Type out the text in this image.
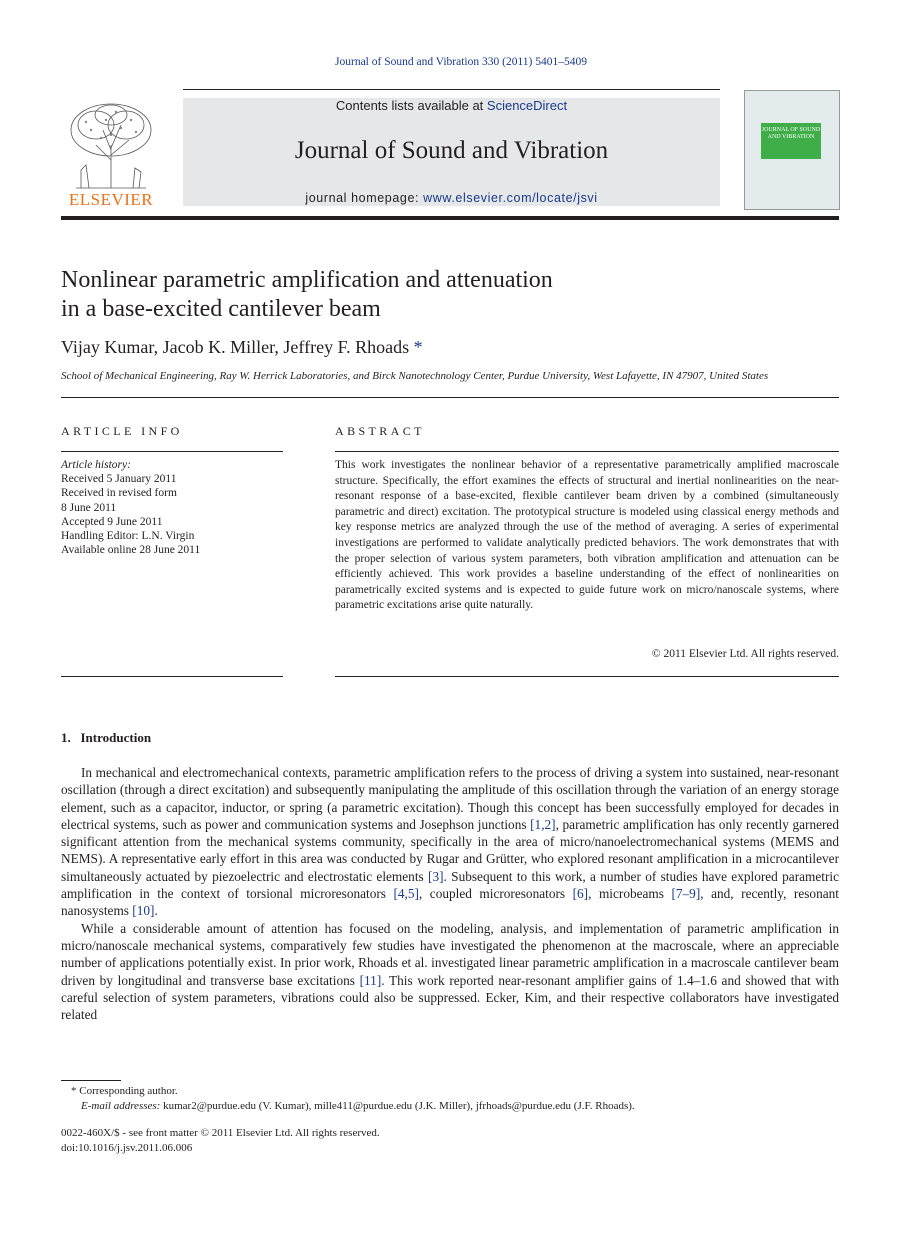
Journal of Sound and Vibration 330 (2011) 5401–5409
ELSEVIER
Contents lists available at ScienceDirect
Journal of Sound and Vibration
journal homepage: www.elsevier.com/locate/jsvi
JOURNAL OF SOUND AND VIBRATION
Nonlinear parametric amplification and attenuation
in a base-excited cantilever beam
Vijay Kumar, Jacob K. Miller, Jeffrey F. Rhoads *
School of Mechanical Engineering, Ray W. Herrick Laboratories, and Birck Nanotechnology Center, Purdue University, West Lafayette, IN 47907, United States
ARTICLE INFO
Article history:
Received 5 January 2011
Received in revised form
8 June 2011
Accepted 9 June 2011
Handling Editor: L.N. Virgin
Available online 28 June 2011
ABSTRACT
This work investigates the nonlinear behavior of a representative parametrically amplified macroscale structure. Specifically, the effort examines the effects of structural and inertial nonlinearities on the near-resonant response of a base-excited, flexible cantilever beam driven by a combined (simultaneously parametric and direct) excitation. The prototypical structure is modeled using classical energy methods and key response metrics are analyzed through the use of the method of averaging. A series of experimental investigations are performed to validate analytically predicted behaviors. The work demonstrates that with the proper selection of various system parameters, both vibration amplification and attenuation can be efficiently achieved. This work provides a baseline understanding of the effect of nonlinearities on parametrically excited systems and is expected to guide future work on micro/nanoscale systems, where parametric excitations arise quite naturally.
© 2011 Elsevier Ltd. All rights reserved.
1.   Introduction

In mechanical and electromechanical contexts, parametric amplification refers to the process of driving a system into sustained, near-resonant oscillation (through a direct excitation) and subsequently manipulating the amplitude of this oscillation through the variation of an energy storage element, such as a capacitor, inductor, or spring (a parametric excitation). Though this concept has been successfully employed for decades in electrical systems, such as power and communication systems and Josephson junctions [1,2], parametric amplification has only recently garnered significant attention from the mechanical systems community, specifically in the area of micro/nanoelectromechanical systems (MEMS and NEMS). A representative early effort in this area was conducted by Rugar and Grütter, who explored resonant amplification in a microcantilever simultaneously actuated by piezoelectric and electrostatic elements [3]. Subsequent to this work, a number of studies have explored parametric amplification in the context of torsional microresonators [4,5], coupled microresonators [6], microbeams [7–9], and, recently, resonant nanosystems [10].

While a considerable amount of attention has focused on the modeling, analysis, and implementation of parametric amplification in micro/nanoscale mechanical systems, comparatively few studies have investigated the phenomenon at the macroscale, where an appreciable number of applications potentially exist. In prior work, Rhoads et al. investigated linear parametric amplification in a macroscale cantilever beam driven by longitudinal and transverse base excitations [11]. This work reported near-resonant amplifier gains of 1.4–1.6 and showed that with careful selection of system parameters, vibrations could also be suppressed. Ecker, Kim, and their respective collaborators have investigated related

* Corresponding author.
E-mail addresses: kumar2@purdue.edu (V. Kumar), mille411@purdue.edu (J.K. Miller), jfrhoads@purdue.edu (J.F. Rhoads).
0022-460X/$ - see front matter © 2011 Elsevier Ltd. All rights reserved.
doi:10.1016/j.jsv.2011.06.006
